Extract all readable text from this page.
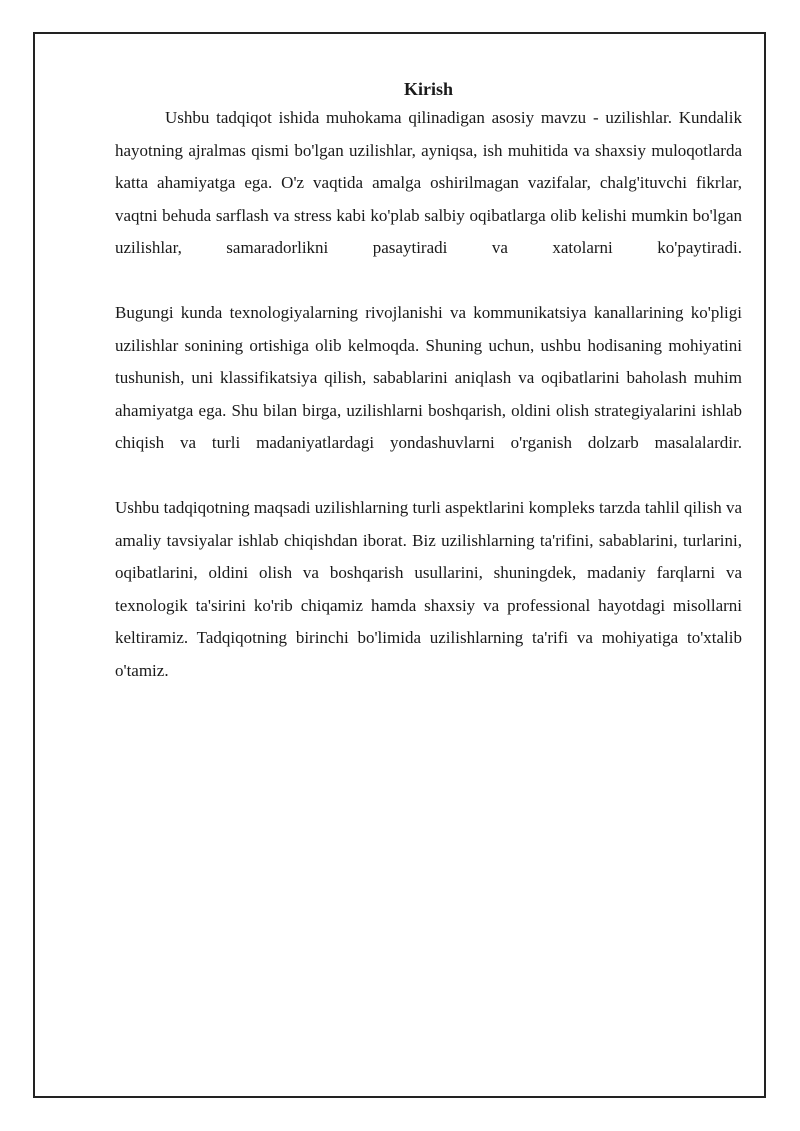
Kirish

Ushbu tadqiqot ishida muhokama qilinadigan asosiy mavzu - uzilishlar. Kundalik hayotning ajralmas qismi bo'lgan uzilishlar, ayniqsa, ish muhitida va shaxsiy muloqotlarda katta ahamiyatga ega. O'z vaqtida amalga oshirilmagan vazifalar, chalg'ituvchi fikrlar, vaqtni behuda sarflash va stress kabi ko'plab salbiy oqibatlarga olib kelishi mumkin bo'lgan uzilishlar, samaradorlikni pasaytiradi va xatolarni ko'paytiradi.

Bugungi kunda texnologiyalarning rivojlanishi va kommunikatsiya kanallarining ko'pligi uzilishlar sonining ortishiga olib kelmoqda. Shuning uchun, ushbu hodisaning mohiyatini tushunish, uni klassifikatsiya qilish, sabablarini aniqlash va oqibatlarini baholash muhim ahamiyatga ega. Shu bilan birga, uzilishlarni boshqarish, oldini olish strategiyalarini ishlab chiqish va turli madaniyatlardagi yondashuvlarni o'rganish dolzarb masalalardir.

Ushbu tadqiqotning maqsadi uzilishlarning turli aspektlarini kompleks tarzda tahlil qilish va amaliy tavsiyalar ishlab chiqishdan iborat. Biz uzilishlarning ta'rifini, sabablarini, turlarini, oqibatlarini, oldini olish va boshqarish usullarini, shuningdek, madaniy farqlarni va texnologik ta'sirini ko'rib chiqamiz hamda shaxsiy va professional hayotdagi misollarni keltiramiz. Tadqiqotning birinchi bo'limida uzilishlarning ta'rifi va mohiyatiga to'xtalib o'tamiz.
